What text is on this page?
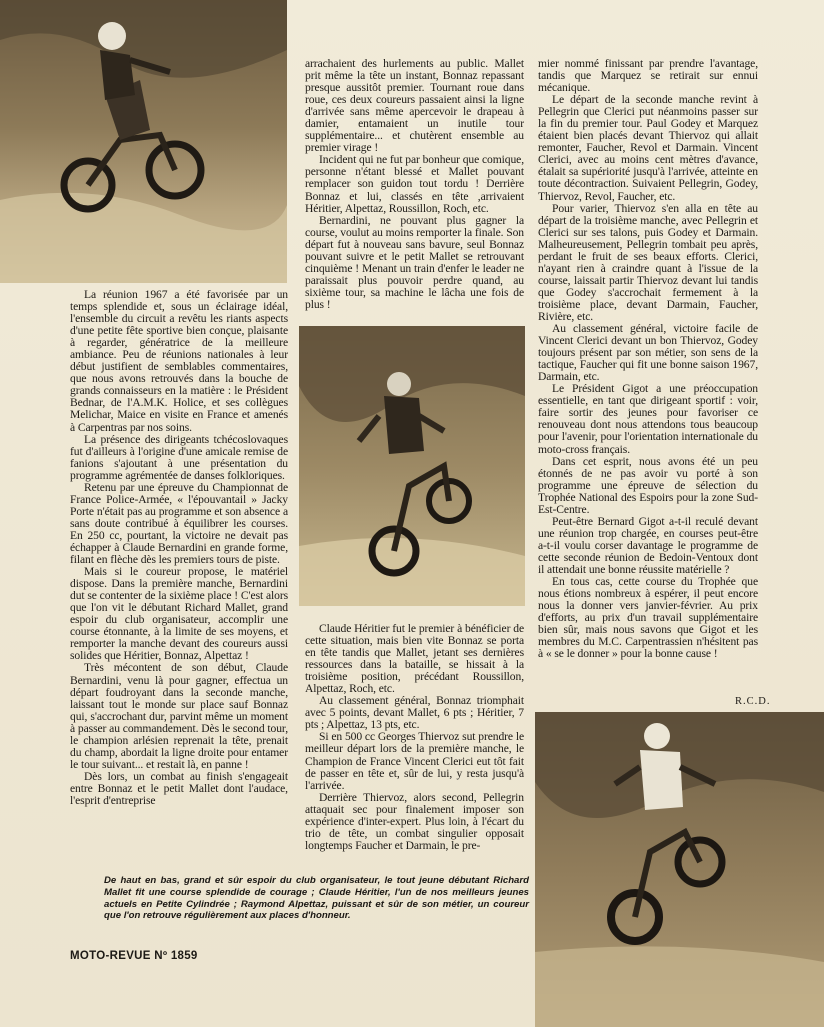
La réunion 1967 a été favorisée par un temps splendide et, sous un éclairage idéal, l'ensemble du circuit a revêtu les riants aspects d'une petite fête sportive bien conçue, plaisante à regarder, génératrice de la meilleure ambiance. Peu de réunions nationales à leur début justifient de semblables commentaires, que nous avons retrouvés dans la bouche de grands connaisseurs en la matière : le Président Bednar, de l'A.M.K. Holice, et ses collègues Melichar, Maice en visite en France et amenés à Carpentras par nos soins.

La présence des dirigeants tchécoslovaques fut d'ailleurs à l'origine d'une amicale remise de fanions s'ajoutant à une présentation du programme agrémentée de danses folkloriques.

Retenu par une épreuve du Championnat de France Police-Armée, « l'épouvantail » Jacky Porte n'était pas au programme et son absence a sans doute contribué à équilibrer les courses. En 250 cc, pourtant, la victoire ne devait pas échapper à Claude Bernardini en grande forme, filant en flèche dès les premiers tours de piste.

Mais si le coureur propose, le matériel dispose. Dans la première manche, Bernardini dut se contenter de la sixième place ! C'est alors que l'on vit le débutant Richard Mallet, grand espoir du club organisateur, accomplir une course étonnante, à la limite de ses moyens, et remporter la manche devant des coureurs aussi solides que Héritier, Bonnaz, Alpettaz !

Très mécontent de son début, Claude Bernardini, venu là pour gagner, effectua un départ foudroyant dans la seconde manche, laissant tout le monde sur place sauf Bonnaz qui, s'accrochant dur, parvint même un moment à passer au commandement. Dès le second tour, le champion arlésien reprenait la tête, prenait du champ, abordait la ligne droite pour entamer le tour suivant... et restait là, en panne !

Dès lors, un combat au finish s'engageait entre Bonnaz et le petit Mallet dont l'audace, l'esprit d'entreprise

arrachaient des hurlements au public. Mallet prit même la tête un instant, Bonnaz repassant presque aussitôt premier. Tournant roue dans roue, ces deux coureurs passaient ainsi la ligne d'arrivée sans même apercevoir le drapeau à damier, entamaient un inutile tour supplémentaire... et chutèrent ensemble au premier virage !

Incident qui ne fut par bonheur que comique, personne n'étant blessé et Mallet pouvant remplacer son guidon tout tordu ! Derrière Bonnaz et lui, classés en tête ,arrivaient Héritier, Alpettaz, Roussillon, Roch, etc.

Bernardini, ne pouvant plus gagner la course, voulut au moins remporter la finale. Son départ fut à nouveau sans bavure, seul Bonnaz pouvant suivre et le petit Mallet se retrouvant cinquième ! Menant un train d'enfer le leader ne paraissait plus pouvoir perdre quand, au sixième tour, sa machine le lâcha une fois de plus !

Claude Héritier fut le premier à bénéficier de cette situation, mais bien vite Bonnaz se porta en tête tandis que Mallet, jetant ses dernières ressources dans la bataille, se hissait à la troisième position, précédant Roussillon, Alpettaz, Roch, etc.

Au classement général, Bonnaz triomphait avec 5 points, devant Mallet, 6 pts ; Héritier, 7 pts ; Alpettaz, 13 pts, etc.

Si en 500 cc Georges Thiervoz sut prendre le meilleur départ lors de la première manche, le Champion de France Vincent Clerici eut tôt fait de passer en tête et, sûr de lui, y resta jusqu'à l'arrivée.

Derrière Thiervoz, alors second, Pellegrin attaquait sec pour finalement imposer son expérience d'inter-expert. Plus loin, à l'écart du trio de tête, un combat singulier opposait longtemps Faucher et Darmain, le pre-

mier nommé finissant par prendre l'avantage, tandis que Marquez se retirait sur ennui mécanique.

Le départ de la seconde manche revint à Pellegrin que Clerici put néanmoins passer sur la fin du premier tour. Paul Godey et Marquez étaient bien placés devant Thiervoz qui allait remonter, Faucher, Revol et Darmain. Vincent Clerici, avec au moins cent mètres d'avance, étalait sa supériorité jusqu'à l'arrivée, atteinte en toute décontraction. Suivaient Pellegrin, Godey, Thiervoz, Revol, Faucher, etc.

Pour varier, Thiervoz s'en alla en tête au départ de la troisième manche, avec Pellegrin et Clerici sur ses talons, puis Godey et Darmain. Malheureusement, Pellegrin tombait peu après, perdant le fruit de ses beaux efforts. Clerici, n'ayant rien à craindre quant à l'issue de la course, laissait partir Thiervoz devant lui tandis que Godey s'accrochait fermement à la troisième place, devant Darmain, Faucher, Rivière, etc.

Au classement général, victoire facile de Vincent Clerici devant un bon Thiervoz, Godey toujours présent par son métier, son sens de la tactique, Faucher qui fit une bonne saison 1967, Darmain, etc.

Le Président Gigot a une préoccupation essentielle, en tant que dirigeant sportif : voir, faire sortir des jeunes pour favoriser ce renouveau dont nous attendons tous beaucoup pour l'avenir, pour l'orientation internationale du moto-cross français.

Dans cet esprit, nous avons été un peu étonnés de ne pas avoir vu porté à son programme une épreuve de sélection du Trophée National des Espoirs pour la zone Sud-Est-Centre.

Peut-être Bernard Gigot a-t-il reculé devant une réunion trop chargée, en courses peut-être a-t-il voulu corser davantage le programme de cette seconde réunion de Bedoin-Ventoux dont il attendait une bonne réussite matérielle ?

En tous cas, cette course du Trophée que nous étions nombreux à espérer, il peut encore nous la donner vers janvier-février. Au prix d'efforts, au prix d'un travail supplémentaire bien sûr, mais nous savons que Gigot et les membres du M.C. Carpentrassien n'hésitent pas à « se le donner » pour la bonne cause !

R.C.D.
De haut en bas, grand et sûr espoir du club organisateur, le tout jeune débutant Richard Mallet fit une course splendide de courage ; Claude Héritier, l'un de nos meilleurs jeunes actuels en Petite Cylindrée ; Raymond Alpettaz, puissant et sûr de son métier, un coureur que l'on retrouve régulièrement aux places d'honneur.
MOTO-REVUE Nº 1859
